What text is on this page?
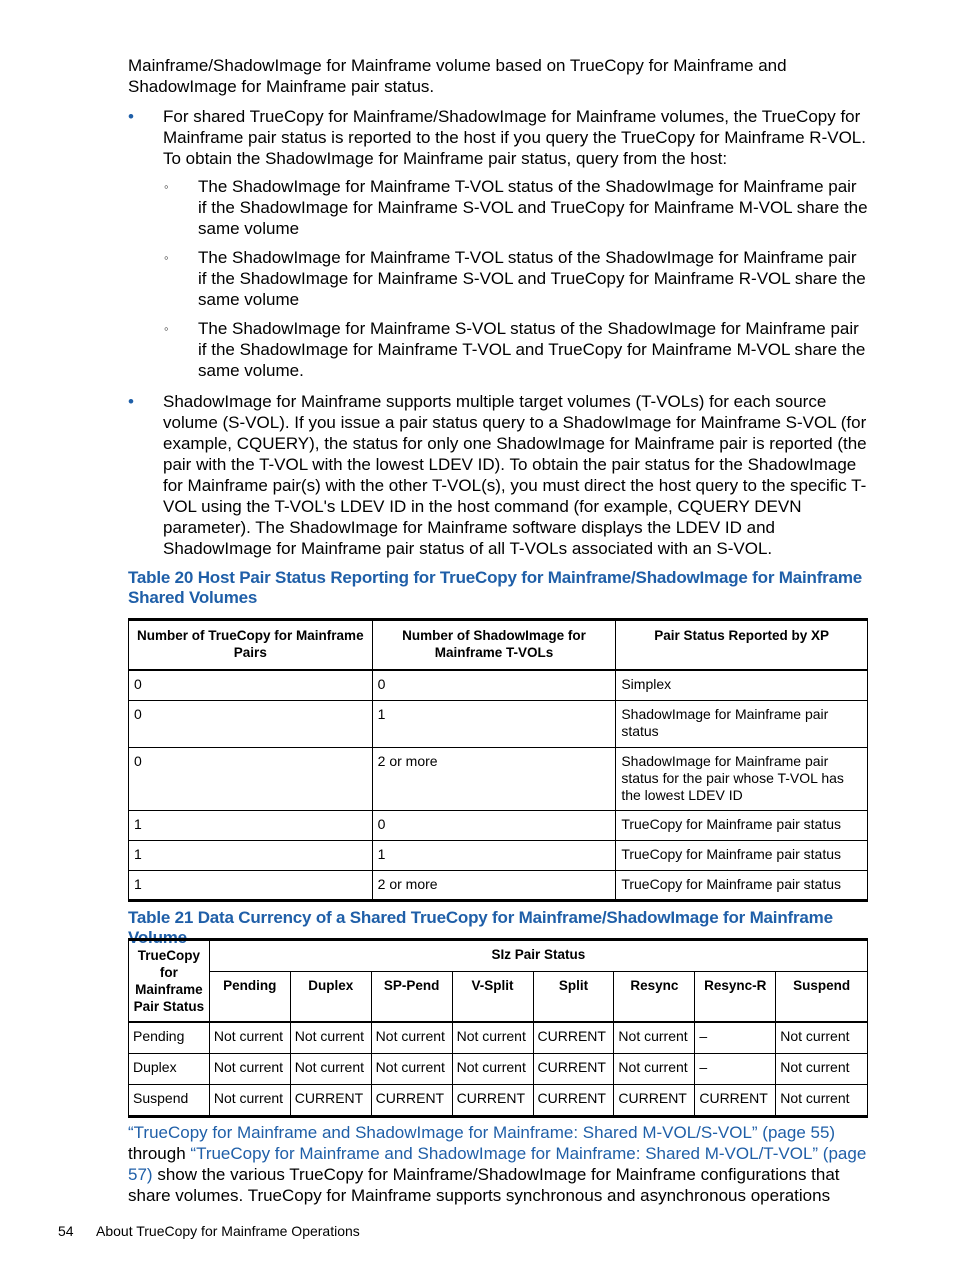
Mainframe/ShadowImage for Mainframe volume based on TrueCopy for Mainframe and ShadowImage for Mainframe pair status.

• For shared TrueCopy for Mainframe/ShadowImage for Mainframe volumes, the TrueCopy for Mainframe pair status is reported to the host if you query the TrueCopy for Mainframe R-VOL. To obtain the ShadowImage for Mainframe pair status, query from the host:
◦ The ShadowImage for Mainframe T-VOL status of the ShadowImage for Mainframe pair if the ShadowImage for Mainframe S-VOL and TrueCopy for Mainframe M-VOL share the same volume
◦ The ShadowImage for Mainframe T-VOL status of the ShadowImage for Mainframe pair if the ShadowImage for Mainframe S-VOL and TrueCopy for Mainframe R-VOL share the same volume
◦ The ShadowImage for Mainframe S-VOL status of the ShadowImage for Mainframe pair if the ShadowImage for Mainframe T-VOL and TrueCopy for Mainframe M-VOL share the same volume.
• ShadowImage for Mainframe supports multiple target volumes (T-VOLs) for each source volume (S-VOL). If you issue a pair status query to a ShadowImage for Mainframe S-VOL (for example, CQUERY), the status for only one ShadowImage for Mainframe pair is reported (the pair with the T-VOL with the lowest LDEV ID). To obtain the pair status for the ShadowImage for Mainframe pair(s) with the other T-VOL(s), you must direct the host query to the specific T-VOL using the T-VOL's LDEV ID in the host command (for example, CQUERY DEVN parameter). The ShadowImage for Mainframe software displays the LDEV ID and ShadowImage for Mainframe pair status of all T-VOLs associated with an S-VOL.

Table 20 Host Pair Status Reporting for TrueCopy for Mainframe/ShadowImage for Mainframe Shared Volumes

Number of TrueCopy for Mainframe Pairs	Number of ShadowImage for Mainframe T-VOLs	Pair Status Reported by XP
0	0	Simplex
0	1	ShadowImage for Mainframe pair status
0	2 or more	ShadowImage for Mainframe pair status for the pair whose T-VOL has the lowest LDEV ID
1	0	TrueCopy for Mainframe pair status
1	1	TrueCopy for Mainframe pair status
1	2 or more	TrueCopy for Mainframe pair status

Table 21 Data Currency of a Shared TrueCopy for Mainframe/ShadowImage for Mainframe Volume

TrueCopy for Mainframe Pair Status	SIz Pair Status							
	Pending	Duplex	SP-Pend	V-Split	Split	Resync	Resync-R	Suspend
Pending	Not current	Not current	Not current	Not current	CURRENT	Not current	–	Not current
Duplex	Not current	Not current	Not current	Not current	CURRENT	Not current	–	Not current
Suspend	Not current	CURRENT	CURRENT	CURRENT	CURRENT	CURRENT	CURRENT	Not current

“TrueCopy for Mainframe and ShadowImage for Mainframe: Shared M-VOL/S-VOL” (page 55) through “TrueCopy for Mainframe and ShadowImage for Mainframe: Shared M-VOL/T-VOL” (page 57) show the various TrueCopy for Mainframe/ShadowImage for Mainframe configurations that share volumes. TrueCopy for Mainframe supports synchronous and asynchronous operations

54 About TrueCopy for Mainframe Operations
